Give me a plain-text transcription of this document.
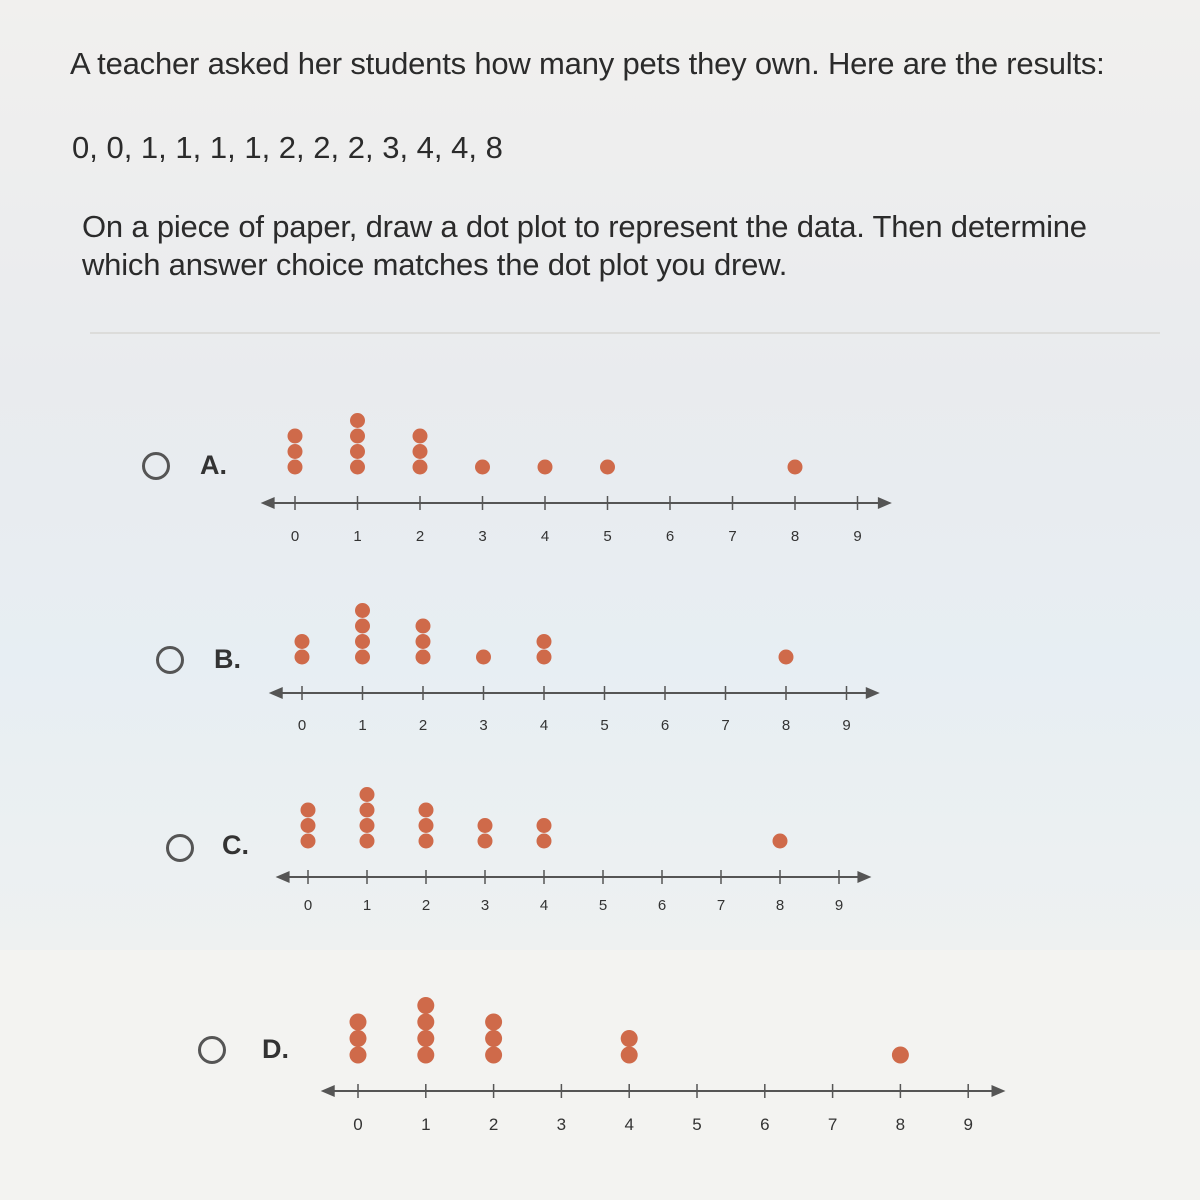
A teacher asked her students how many pets they own. Here are the results:
0, 0, 1, 1, 1, 1, 2, 2, 2, 3, 4, 4, 8
On a piece of paper, draw a dot plot to represent the data. Then determine which answer choice matches the dot plot you drew.
A.
0	1	2	3	4	5	6	7	8	9
B.
0	1	2	3	4	5	6	7	8	9
C.
0	1	2	3	4	5	6	7	8	9
D.
0	1	2	3	4	5	6	7	8	9
